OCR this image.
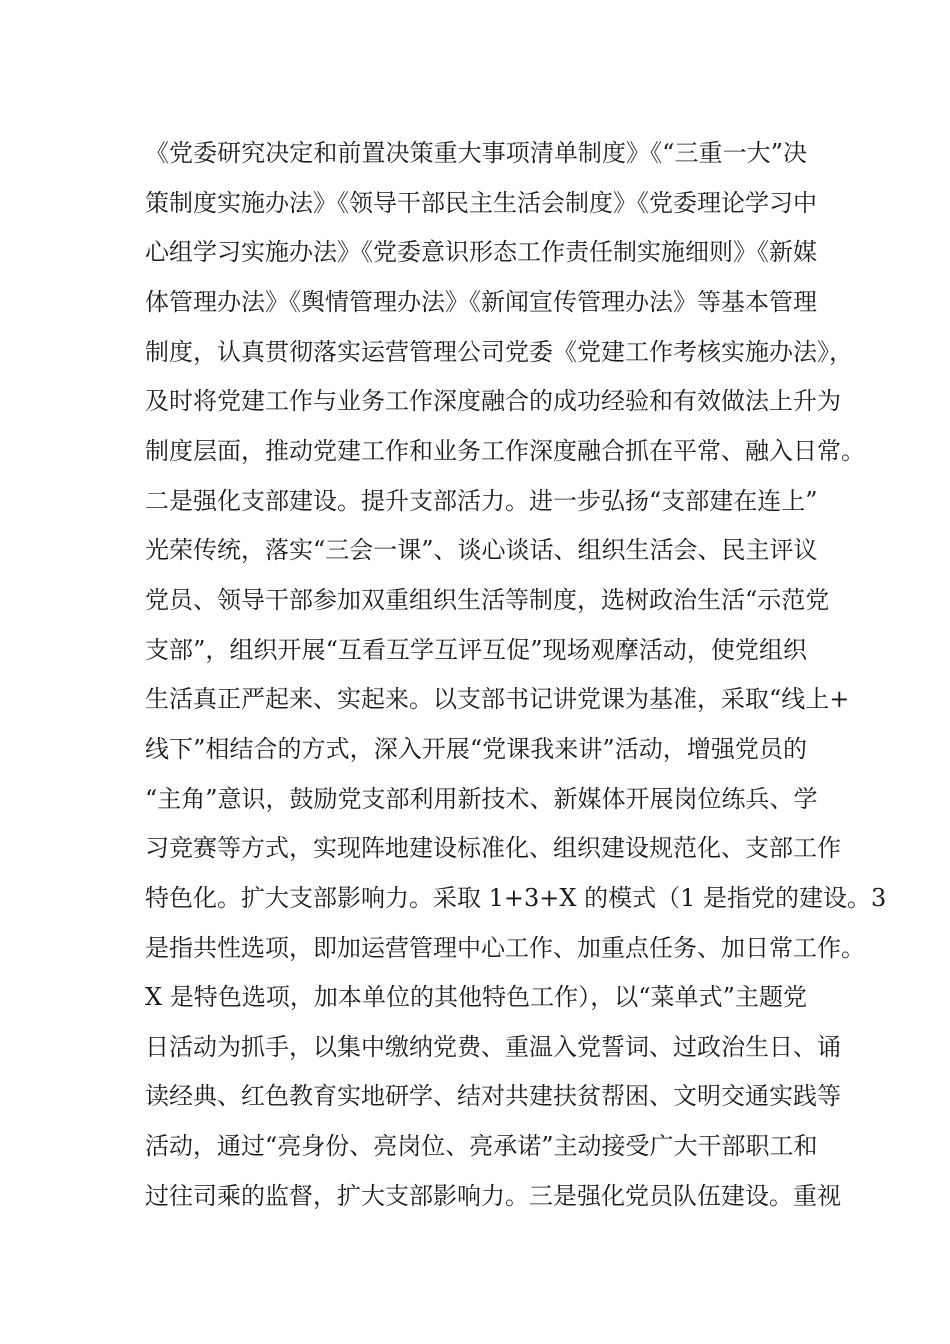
《党委研究决定和前置决策重大事项清单制度》《“三重一大”决
策制度实施办法》《领导干部民主生活会制度》《党委理论学习中
心组学习实施办法》《党委意识形态工作责任制实施细则》《新媒
体管理办法》《舆情管理办法》《新闻宣传管理办法》等基本管理
制度，认真贯彻落实运营管理公司党委《党建工作考核实施办法》，
及时将党建工作与业务工作深度融合的成功经验和有效做法上升为
制度层面，推动党建工作和业务工作深度融合抓在平常、融入日常。
二是强化支部建设。提升支部活力。进一步弘扬“支部建在连上”
光荣传统，落实“三会一课”、谈心谈话、组织生活会、民主评议
党员、领导干部参加双重组织生活等制度，选树政治生活“示范党
支部”，组织开展“互看互学互评互促”现场观摩活动，使党组织
生活真正严起来、实起来。以支部书记讲党课为基准，采取“线上+
线下”相结合的方式，深入开展“党课我来讲”活动，增强党员的
“主角”意识，鼓励党支部利用新技术、新媒体开展岗位练兵、学
习竞赛等方式，实现阵地建设标准化、组织建设规范化、支部工作
特色化。扩大支部影响力。采取 1+3+X 的模式（1 是指党的建设。3
是指共性选项，即加运营管理中心工作、加重点任务、加日常工作。
X 是特色选项，加本单位的其他特色工作），以“菜单式”主题党
日活动为抓手，以集中缴纳党费、重温入党誓词、过政治生日、诵
读经典、红色教育实地研学、结对共建扶贫帮困、文明交通实践等
活动，通过“亮身份、亮岗位、亮承诺”主动接受广大干部职工和
过往司乘的监督，扩大支部影响力。三是强化党员队伍建设。重视
